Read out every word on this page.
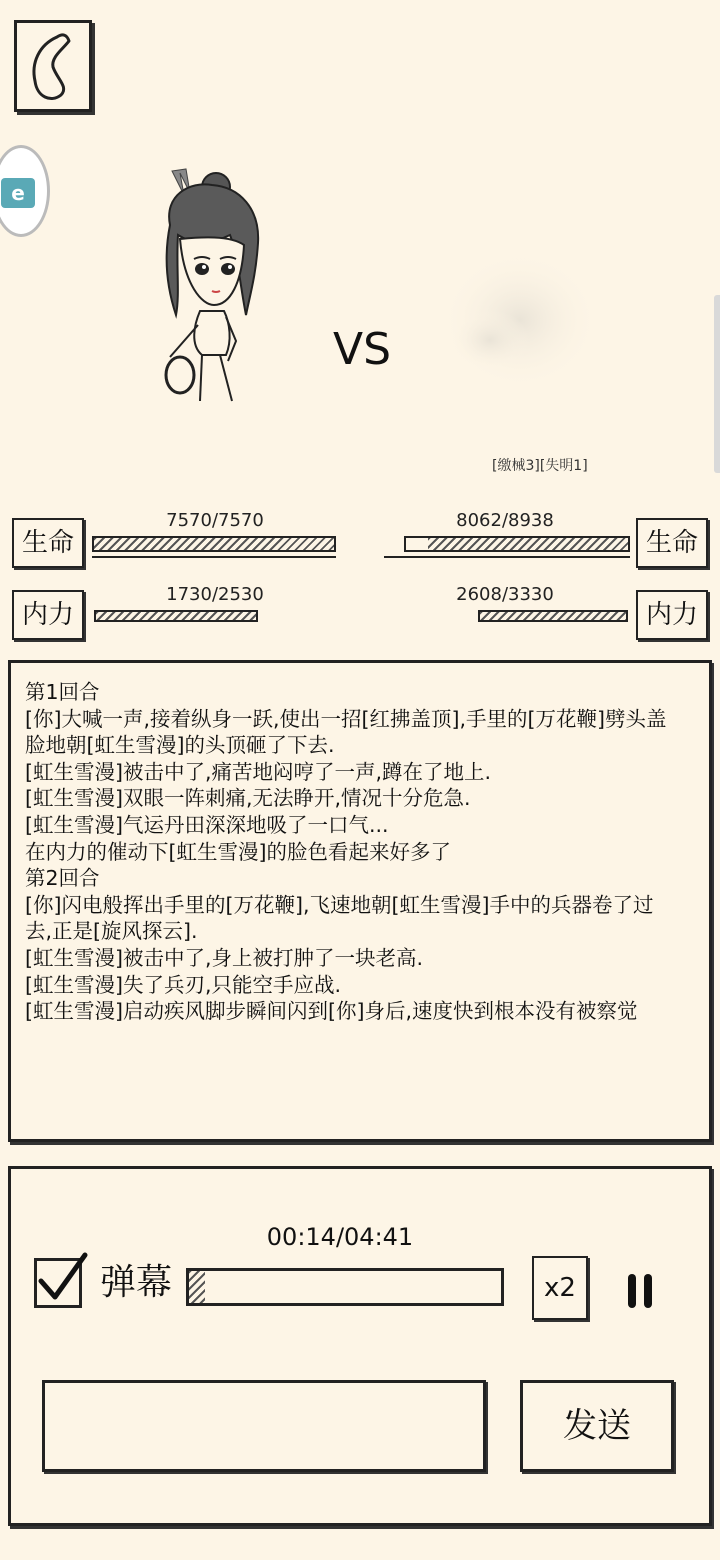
e
VS
[缴械3][失明1]
生命
7570/7570
生命
8062/8938
内力
1730/2530
内力
2608/3330
第1回合
[你]大喊一声,接着纵身一跃,使出一招[红拂盖顶],手里的[万花鞭]劈头盖
脸地朝[虹生雪漫]的头顶砸了下去.
[虹生雪漫]被击中了,痛苦地闷哼了一声,蹲在了地上.
[虹生雪漫]双眼一阵刺痛,无法睁开,情况十分危急.
[虹生雪漫]气运丹田深深地吸了一口气...
在内力的催动下[虹生雪漫]的脸色看起来好多了
第2回合
[你]闪电般挥出手里的[万花鞭],飞速地朝[虹生雪漫]手中的兵器卷了过
去,正是[旋风探云].
[虹生雪漫]被击中了,身上被打肿了一块老高.
[虹生雪漫]失了兵刃,只能空手应战.
[虹生雪漫]启动疾风脚步瞬间闪到[你]身后,速度快到根本没有被察觉
00:14/04:41
弹幕	x2
发送
